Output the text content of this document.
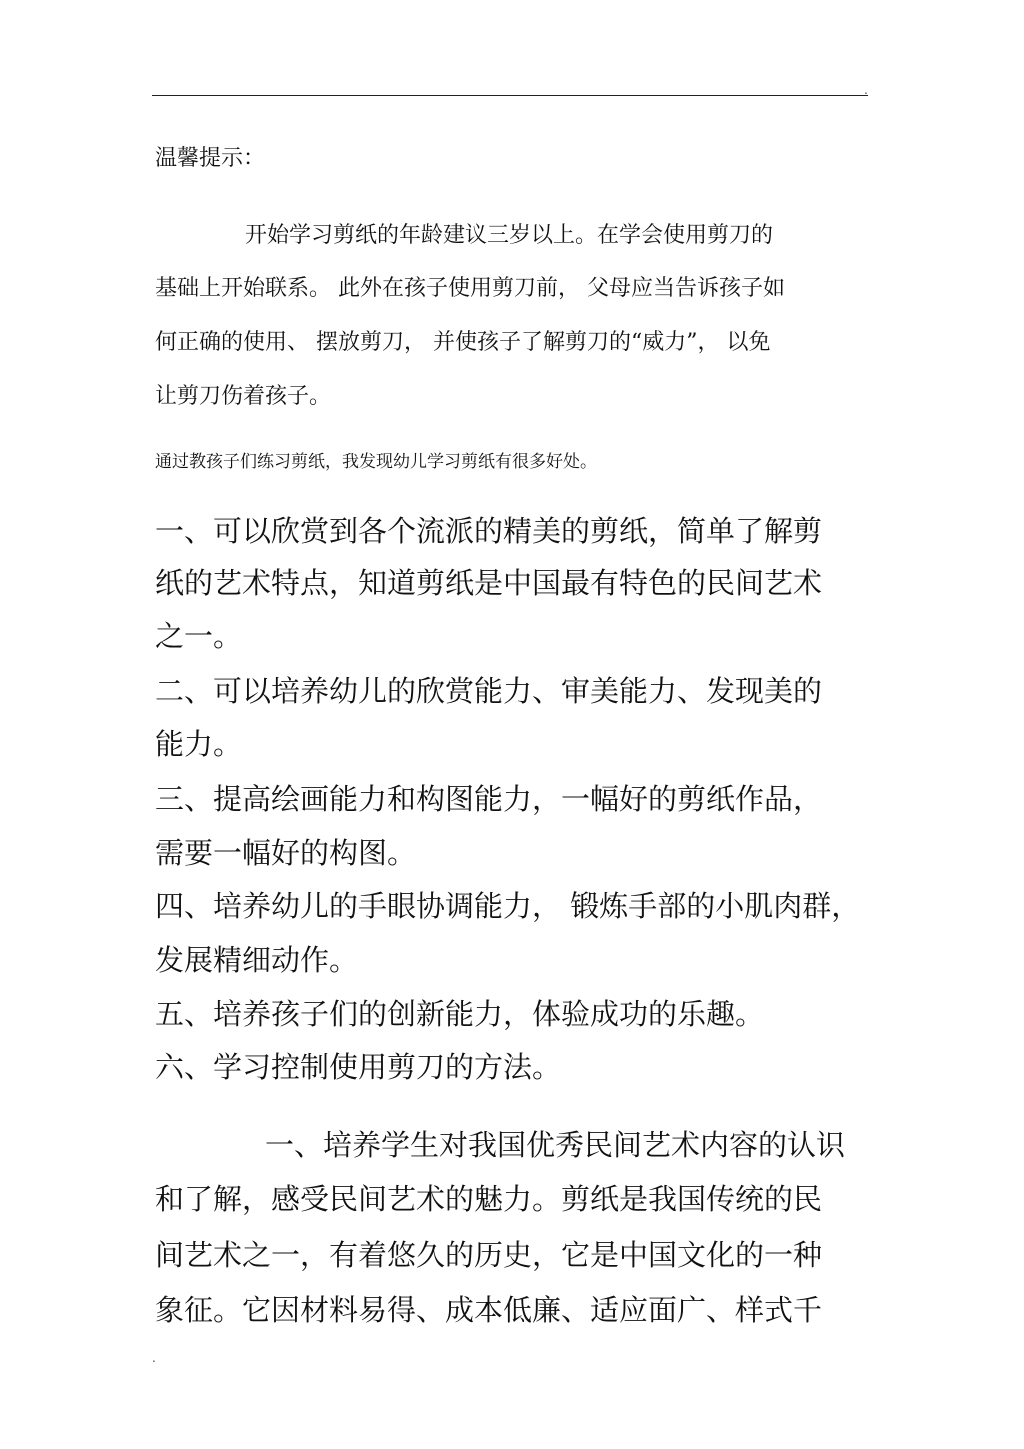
.
温馨提示：
开始学习剪纸的年龄建议三岁以上。在学会使用剪刀的
基础上开始联系。 此外在孩子使用剪刀前， 父母应当告诉孩子如
何正确的使用、 摆放剪刀， 并使孩子了解剪刀的“威力”， 以免
让剪刀伤着孩子。
通过教孩子们练习剪纸，我发现幼儿学习剪纸有很多好处。
一、可以欣赏到各个流派的精美的剪纸，简单了解剪
纸的艺术特点，知道剪纸是中国最有特色的民间艺术
之一。
二、可以培养幼儿的欣赏能力、审美能力、发现美的
能力。
三、提高绘画能力和构图能力，一幅好的剪纸作品，
需要一幅好的构图。
四、培养幼儿的手眼协调能力， 锻炼手部的小肌肉群，
发展精细动作。
五、培养孩子们的创新能力，体验成功的乐趣。
六、学习控制使用剪刀的方法。
一、培养学生对我国优秀民间艺术内容的认识
和了解，感受民间艺术的魅力。剪纸是我国传统的民
间艺术之一，有着悠久的历史，它是中国文化的一种
象征。它因材料易得、成本低廉、适应面广、样式千
.
